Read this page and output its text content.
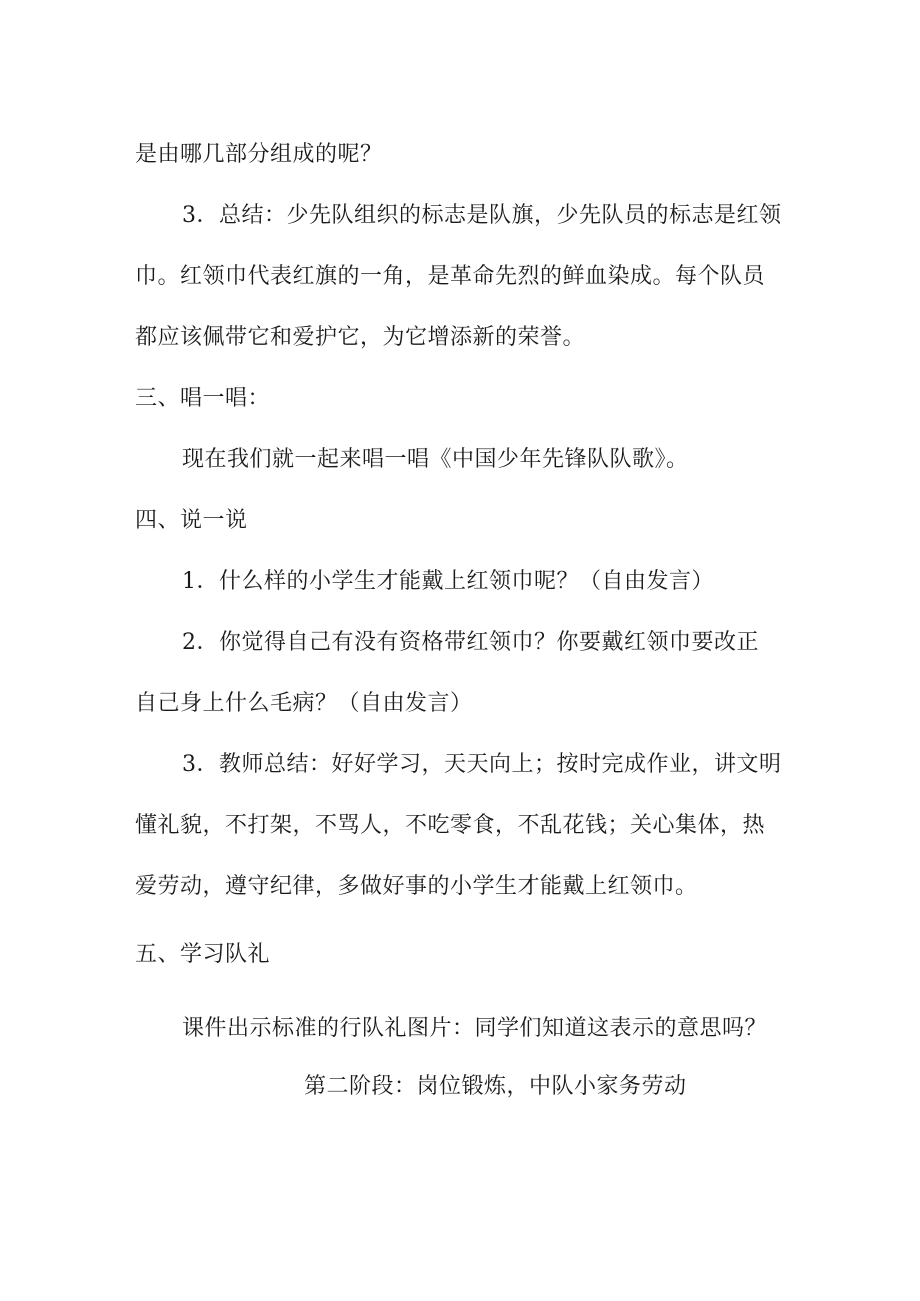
是由哪几部分组成的呢？
3．总结：少先队组织的标志是队旗，少先队员的标志是红领
巾。红领巾代表红旗的一角，是革命先烈的鲜血染成。每个队员
都应该佩带它和爱护它，为它增添新的荣誉。
三、唱一唱：
现在我们就一起来唱一唱《中国少年先锋队队歌》。
四、说一说
1．什么样的小学生才能戴上红领巾呢？（自由发言）
2．你觉得自己有没有资格带红领巾？你要戴红领巾要改正
自己身上什么毛病？（自由发言）
3．教师总结：好好学习，天天向上；按时完成作业，讲文明
懂礼貌，不打架，不骂人，不吃零食，不乱花钱；关心集体，热
爱劳动，遵守纪律，多做好事的小学生才能戴上红领巾。
五、学习队礼
课件出示标准的行队礼图片：同学们知道这表示的意思吗？
第二阶段：岗位锻炼，中队小家务劳动
